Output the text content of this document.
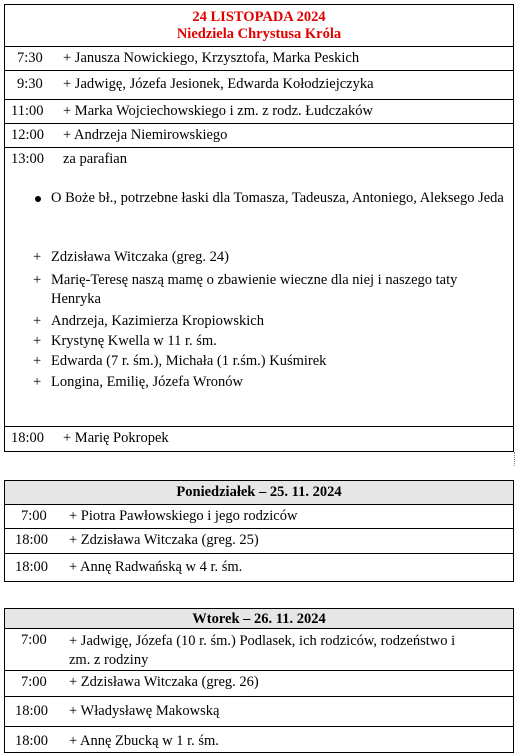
24 LISTOPADA 2024
Niedziela Chrystusa Króla
7:30 + Janusza Nowickiego, Krzysztofa, Marka Peskich
9:30 + Jadwigę, Józefa Jesionek, Edwarda Kołodziejczyka
11:00 + Marka Wojciechowskiego i zm. z rodz. Łudczaków
12:00 + Andrzeja Niemirowskiego
13:00 za parafian
O Boże bł., potrzebne łaski dla Tomasza, Tadeusza, Antoniego, Aleksego Jeda
+ Zdzisława Witczaka (greg. 24)
+ Marię-Teresę naszą mamę o zbawienie wieczne dla niej i naszego taty Henryka
+ Andrzeja, Kazimierza Kropiowskich
+ Krystynę Kwella w 11 r. śm.
+ Edwarda (7 r. śm.), Michała (1 r.śm.) Kuśmirek
+ Longina, Emilię, Józefa Wronów
18:00 + Marię Pokropek
Poniedziałek – 25. 11. 2024
7:00 + Piotra Pawłowskiego i jego rodziców
18:00 + Zdzisława Witczaka (greg. 25)
18:00 + Annę Radwańską w 4 r. śm.
Wtorek – 26. 11. 2024
7:00 + Jadwigę, Józefa (10 r. śm.) Podlasek, ich rodziców, rodzeństwo i zm. z rodziny
7:00 + Zdzisława Witczaka (greg. 26)
18:00 + Władysławę Makowską
18:00 + Annę Zbucką w 1 r. śm.
